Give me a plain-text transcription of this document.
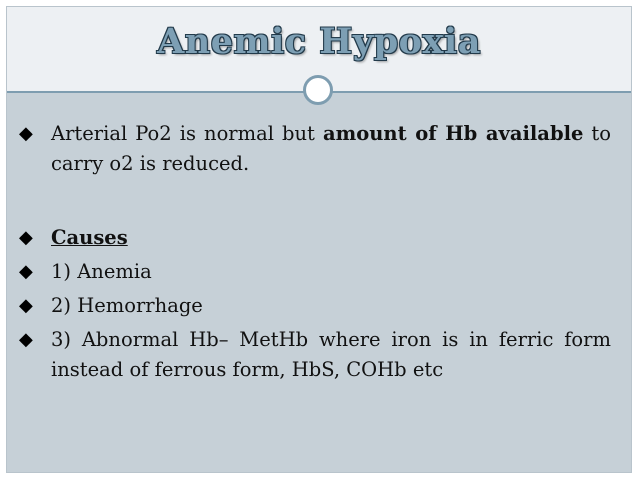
Anemic Hypoxia
◆ Arterial Po2 is normal but amount of Hb available to carry o2 is reduced.
◆ Causes
◆ 1) Anemia
◆ 2) Hemorrhage
◆ 3) Abnormal Hb– MetHb where iron is in ferric form instead of ferrous form, HbS, COHb etc
